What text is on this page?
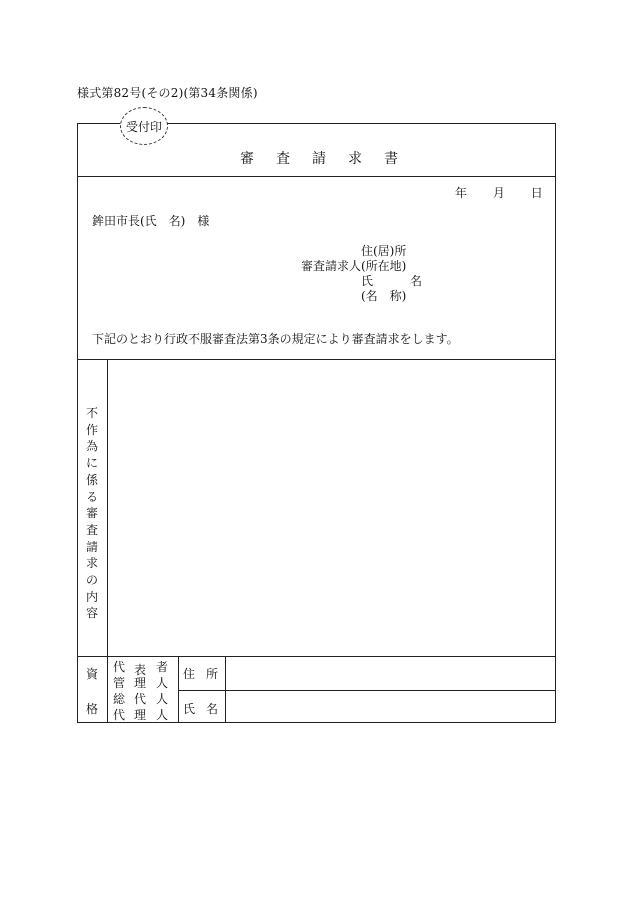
様式第82号(その2)(第34条関係)
受付印
審 査 請 求 書
年 月 日
鉾田市長(氏　名)　様
住(居)所
審査請求人(所在地)
氏	名
(名　称)
下記のとおり行政不服審査法第3条の規定により審査請求をします。
不
作
為
に
係
る
審
査
請
求
の
内
容
資
格
代 表 者
管 理 人
総 代 人
代 理 人
住 所
氏 名
